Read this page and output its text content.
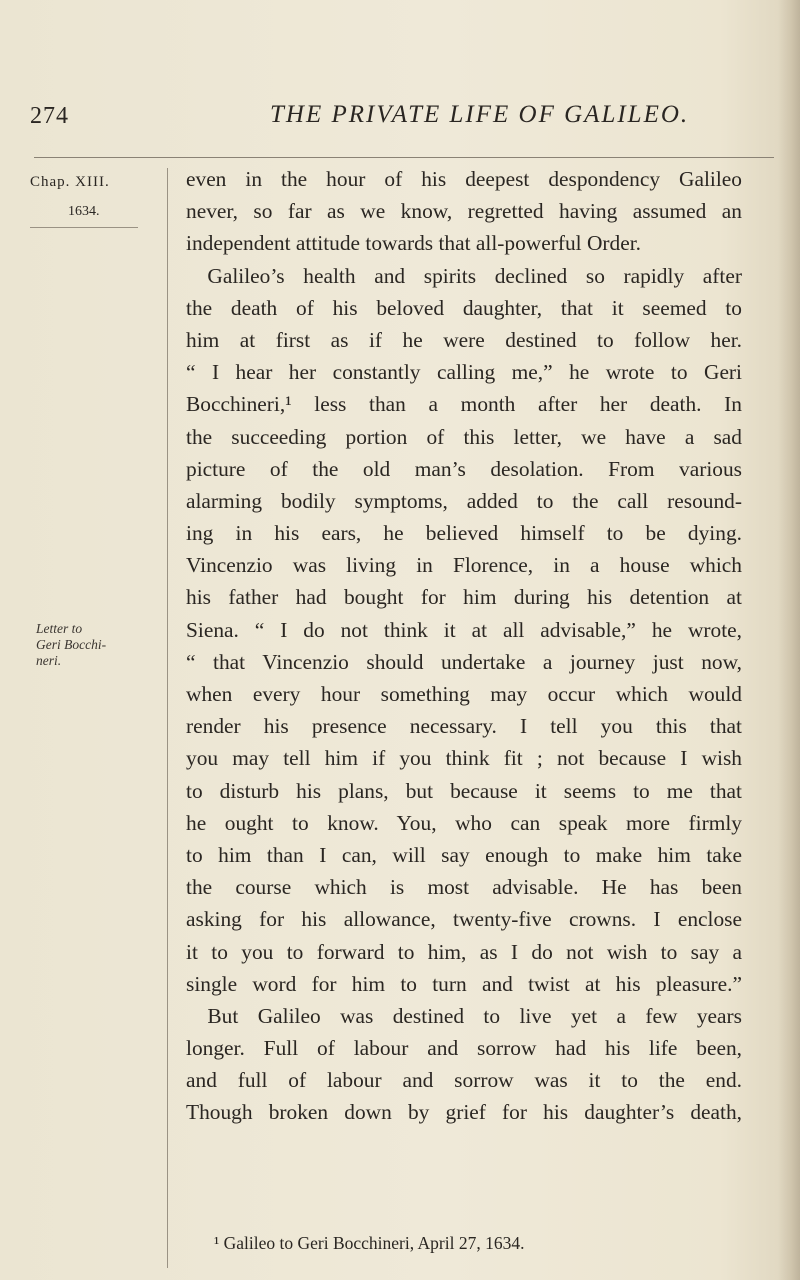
274	THE PRIVATE LIFE OF GALILEO.
Chap. XIII.
1634.
Letter to
Geri Bocchi-
neri.
even in the hour of his deepest despondency Galileo
never, so far as we know, regretted having assumed an
independent attitude towards that all-powerful Order.
 Galileo’s health and spirits declined so rapidly after
the death of his beloved daughter, that it seemed to
him at first as if he were destined to follow her.
“ I hear her constantly calling me,” he wrote to Geri
Bocchineri,¹ less than a month after her death. In
the succeeding portion of this letter, we have a sad
picture of the old man’s desolation. From various
alarming bodily symptoms, added to the call resound-
ing in his ears, he believed himself to be dying.
Vincenzio was living in Florence, in a house which
his father had bought for him during his detention at
Siena. “ I do not think it at all advisable,” he wrote,
“ that Vincenzio should undertake a journey just now,
when every hour something may occur which would
render his presence necessary. I tell you this that
you may tell him if you think fit ; not because I wish
to disturb his plans, but because it seems to me that
he ought to know. You, who can speak more firmly
to him than I can, will say enough to make him take
the course which is most advisable. He has been
asking for his allowance, twenty-five crowns. I enclose
it to you to forward to him, as I do not wish to say a
single word for him to turn and twist at his pleasure.”
 But Galileo was destined to live yet a few years
longer. Full of labour and sorrow had his life been,
and full of labour and sorrow was it to the end.
Though broken down by grief for his daughter’s death,
¹ Galileo to Geri Bocchineri, April 27, 1634.
